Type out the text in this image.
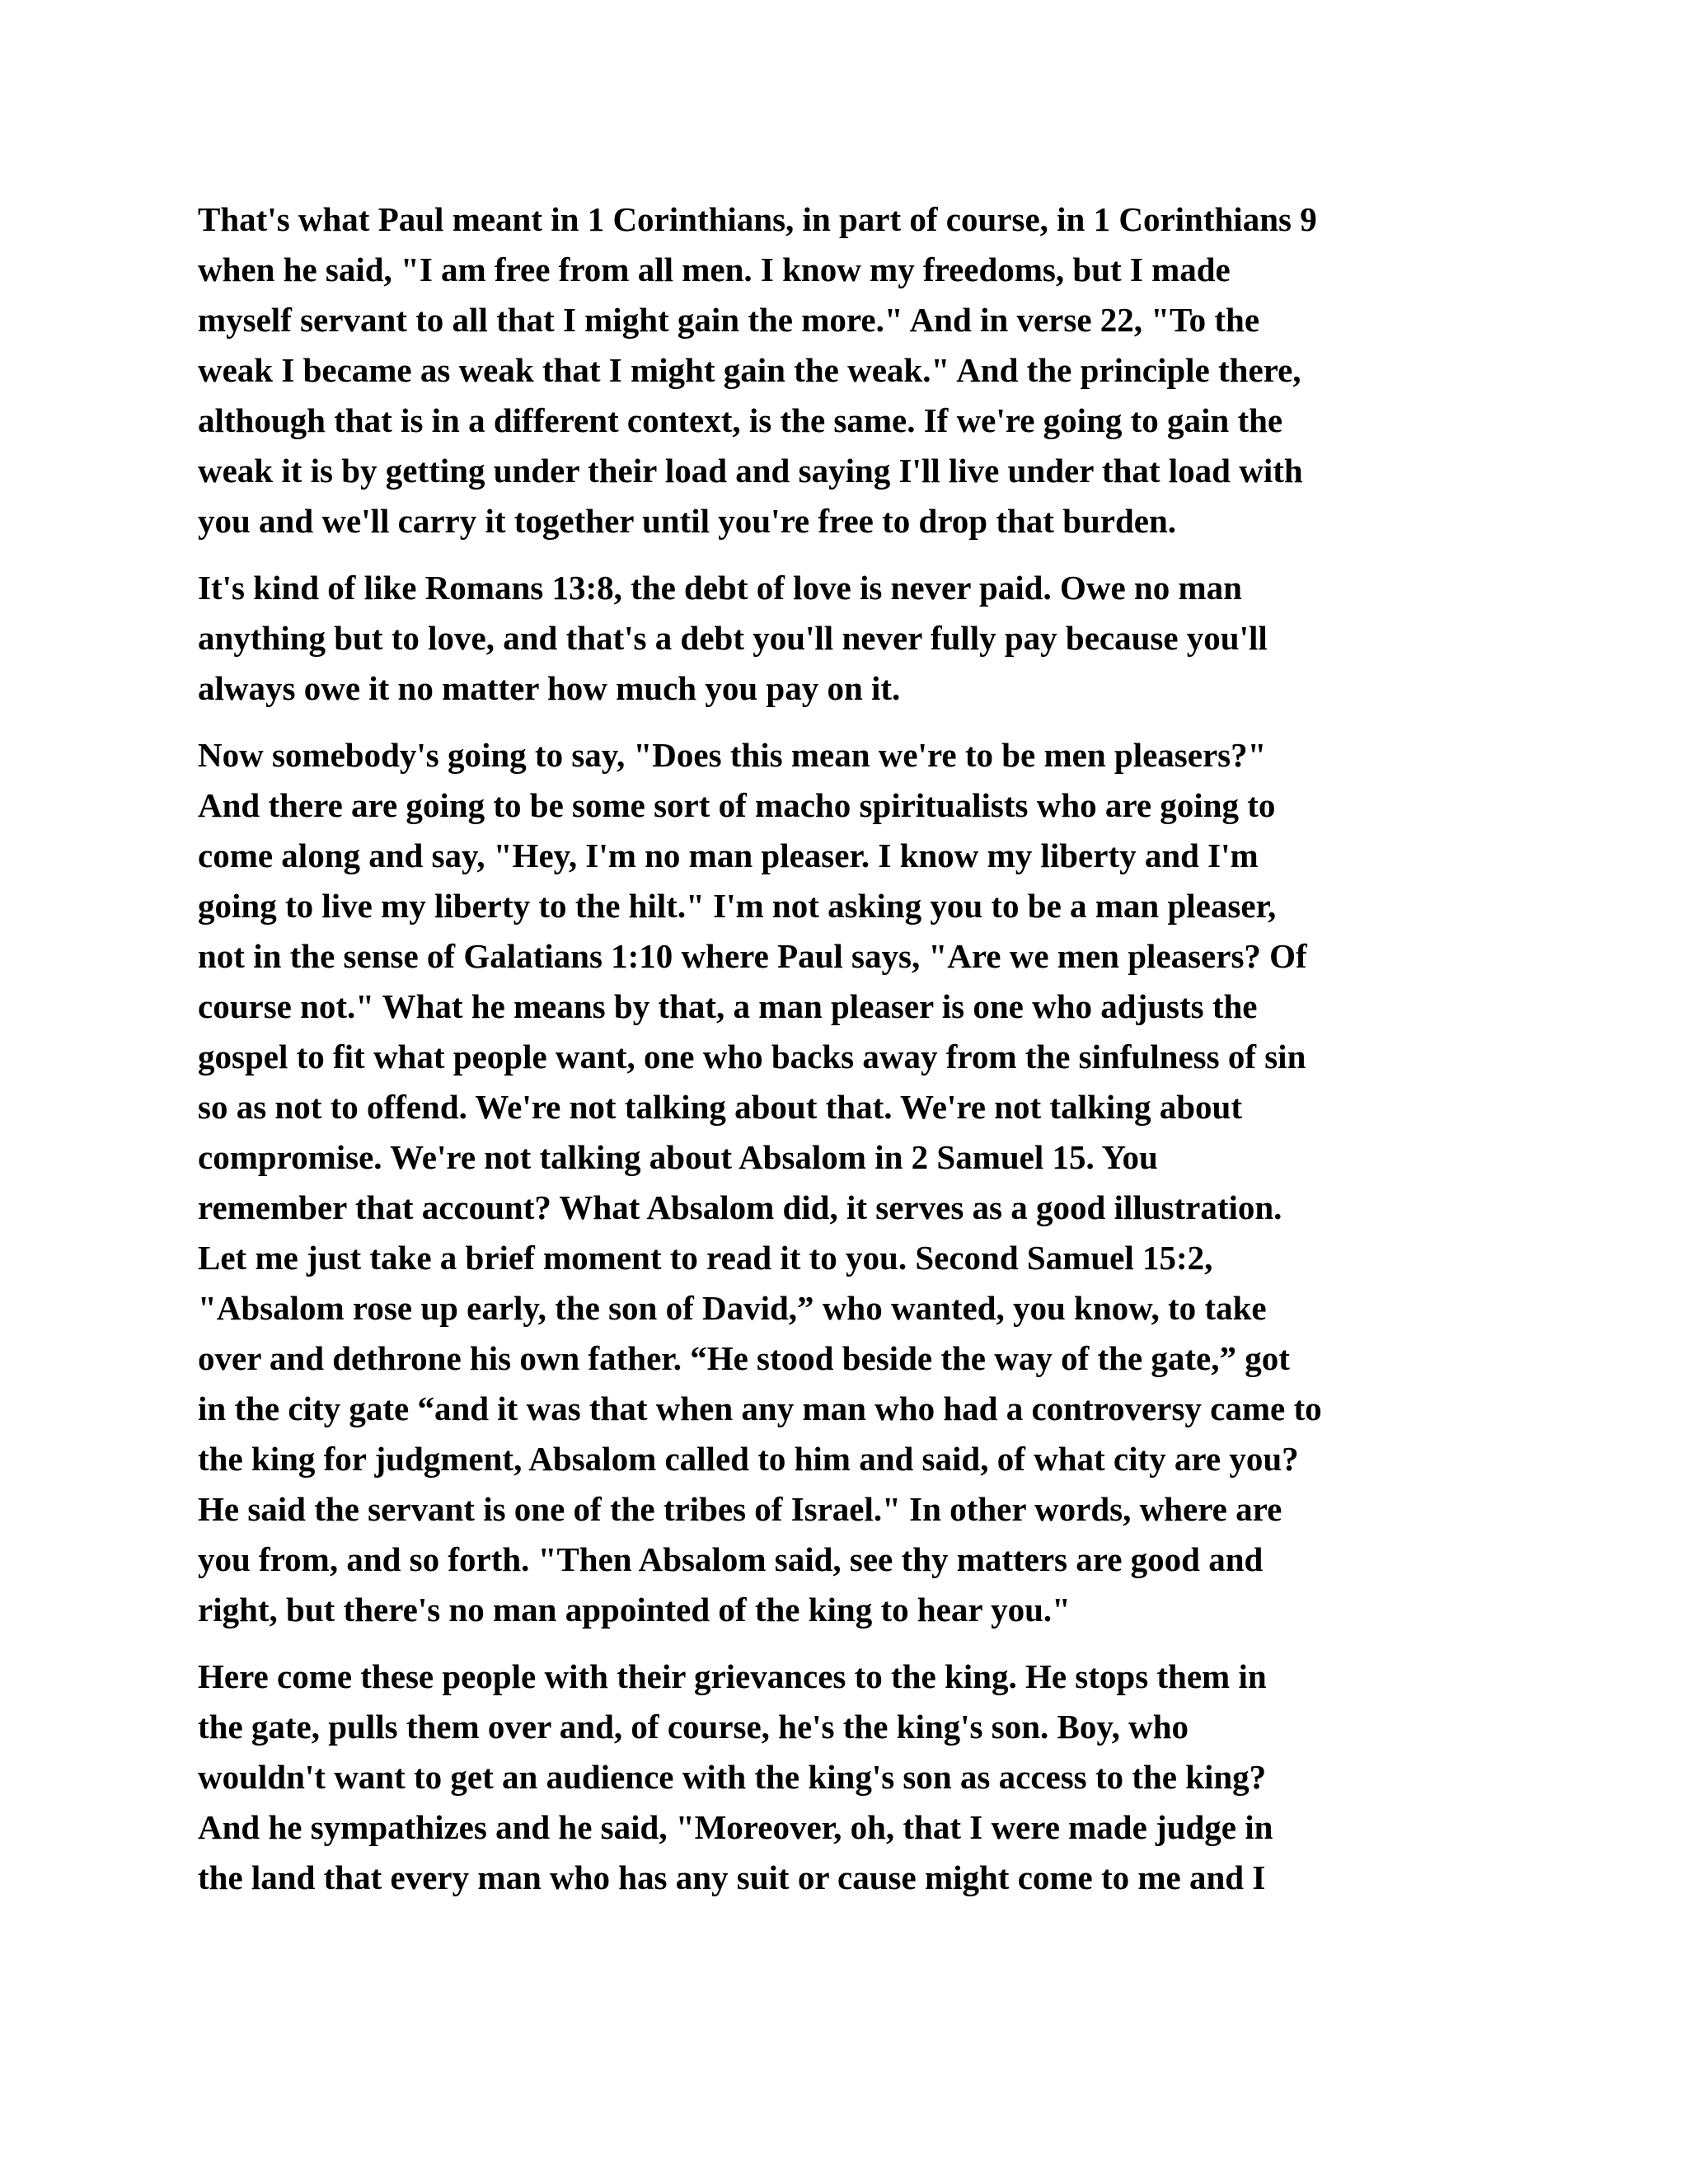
That's what Paul meant in 1 Corinthians, in part of course, in 1 Corinthians 9
when he said, "I am free from all men. I know my freedoms, but I made
myself servant to all that I might gain the more." And in verse 22, "To the
weak I became as weak that I might gain the weak." And the principle there,
although that is in a different context, is the same. If we're going to gain the
weak it is by getting under their load and saying I'll live under that load with
you and we'll carry it together until you're free to drop that burden.

It's kind of like Romans 13:8, the debt of love is never paid. Owe no man
anything but to love, and that's a debt you'll never fully pay because you'll
always owe it no matter how much you pay on it.

Now somebody's going to say, "Does this mean we're to be men pleasers?"
And there are going to be some sort of macho spiritualists who are going to
come along and say, "Hey, I'm no man pleaser. I know my liberty and I'm
going to live my liberty to the hilt." I'm not asking you to be a man pleaser,
not in the sense of Galatians 1:10 where Paul says, "Are we men pleasers? Of
course not." What he means by that, a man pleaser is one who adjusts the
gospel to fit what people want, one who backs away from the sinfulness of sin
so as not to offend. We're not talking about that. We're not talking about
compromise. We're not talking about Absalom in 2 Samuel 15. You
remember that account? What Absalom did, it serves as a good illustration.
Let me just take a brief moment to read it to you. Second Samuel 15:2,
"Absalom rose up early, the son of David,” who wanted, you know, to take
over and dethrone his own father. “He stood beside the way of the gate,” got
in the city gate “and it was that when any man who had a controversy came to
the king for judgment, Absalom called to him and said, of what city are you?
He said the servant is one of the tribes of Israel." In other words, where are
you from, and so forth. "Then Absalom said, see thy matters are good and
right, but there's no man appointed of the king to hear you."

Here come these people with their grievances to the king. He stops them in
the gate, pulls them over and, of course, he's the king's son. Boy, who
wouldn't want to get an audience with the king's son as access to the king?
And he sympathizes and he said, "Moreover, oh, that I were made judge in
the land that every man who has any suit or cause might come to me and I
